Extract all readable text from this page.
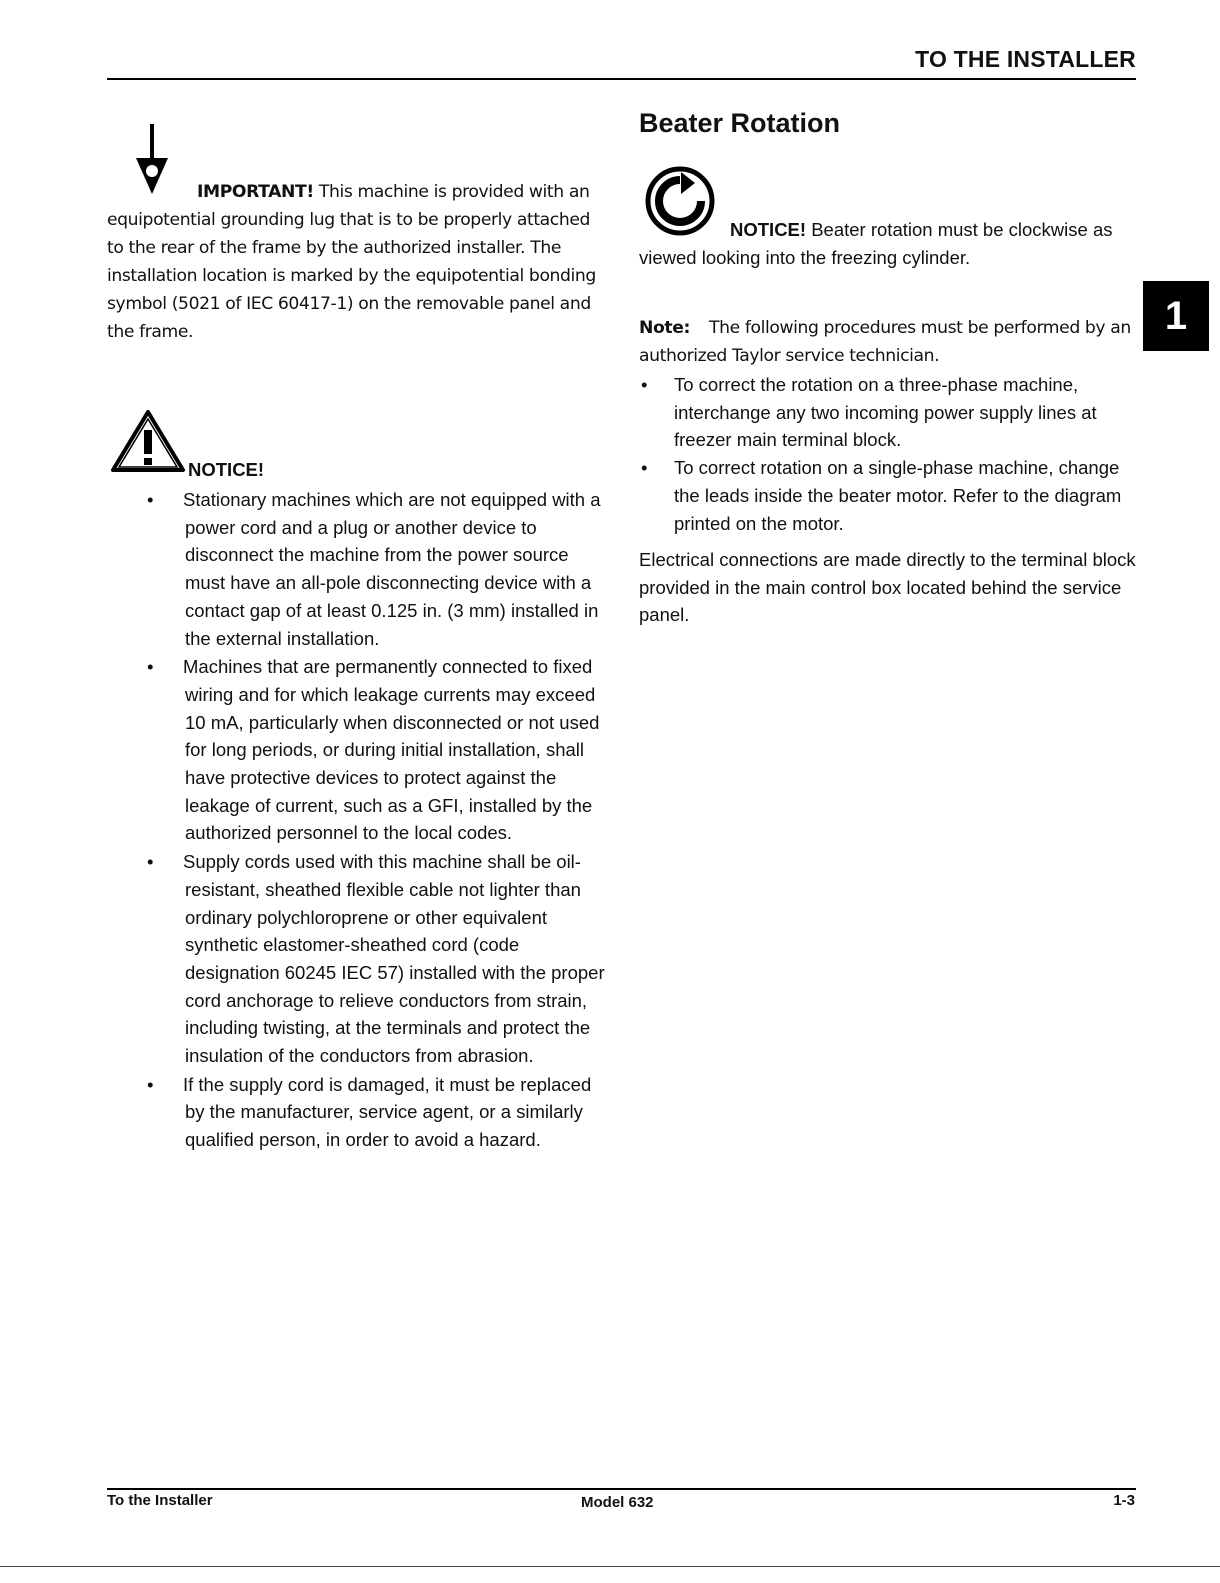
TO THE INSTALLER
1
IMPORTANT! This machine is provided with an equipotential grounding lug that is to be properly attached to the rear of the frame by the authorized installer. The installation location is marked by the equipotential bonding symbol (5021 of IEC 60417-1) on the removable panel and the frame.
NOTICE!
• Stationary machines which are not equipped with a power cord and a plug or another device to disconnect the machine from the power source must have an all-pole disconnecting device with a contact gap of at least 0.125 in. (3 mm) installed in the external installation.
• Machines that are permanently connected to fixed wiring and for which leakage currents may exceed 10 mA, particularly when disconnected or not used for long periods, or during initial installation, shall have protective devices to protect against the leakage of current, such as a GFI, installed by the authorized personnel to the local codes.
• Supply cords used with this machine shall be oil-resistant, sheathed flexible cable not lighter than ordinary polychloroprene or other equivalent synthetic elastomer-sheathed cord (code designation 60245 IEC 57) installed with the proper cord anchorage to relieve conductors from strain, including twisting, at the terminals and protect the insulation of the conductors from abrasion.
• If the supply cord is damaged, it must be replaced by the manufacturer, service agent, or a similarly qualified person, in order to avoid a hazard.
Beater Rotation
NOTICE! Beater rotation must be clockwise as viewed looking into the freezing cylinder.
Note: The following procedures must be performed by an authorized Taylor service technician.
• To correct the rotation on a three-phase machine, interchange any two incoming power supply lines at freezer main terminal block.
• To correct rotation on a single-phase machine, change the leads inside the beater motor. Refer to the diagram printed on the motor.
Electrical connections are made directly to the terminal block provided in the main control box located behind the service panel.
To the Installer	Model 632	1-3
